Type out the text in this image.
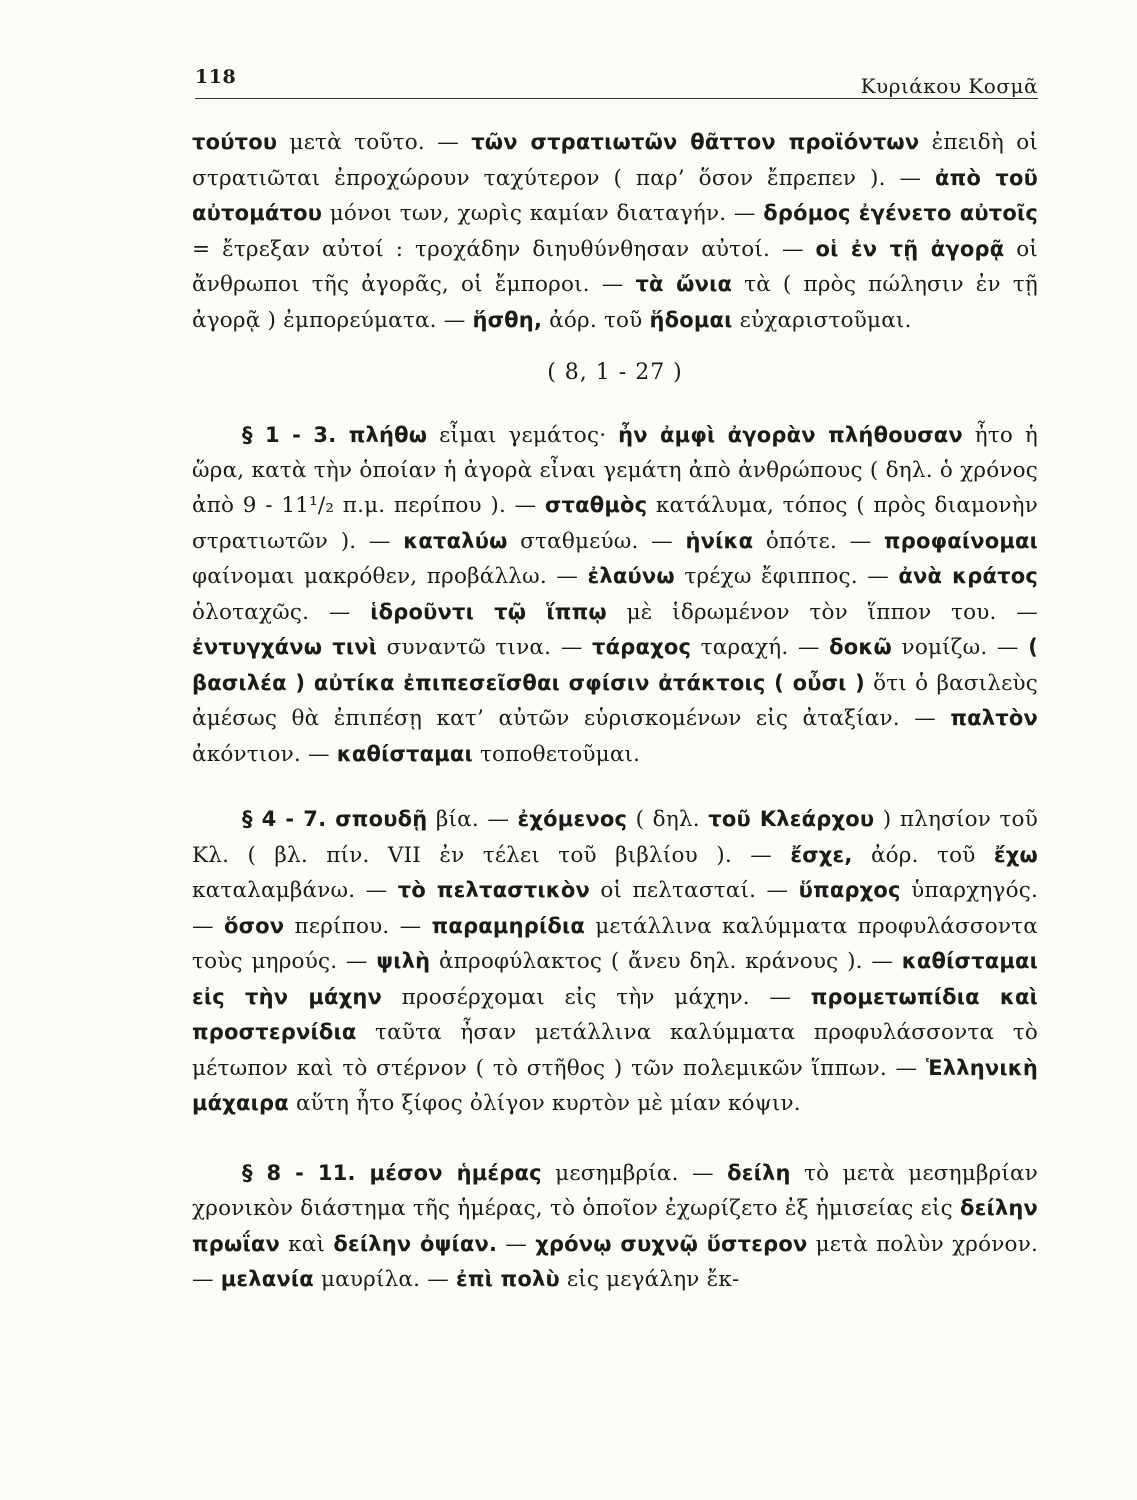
118	Κυριάκου Κοσμᾶ

τούτου μετὰ τοῦτο. — τῶν στρατιωτῶν θᾶττον προϊόντων ἐπειδὴ οἱ στρατιῶται ἐπροχώρουν ταχύτερον ( παρ’ ὅσον ἔπρεπεν ). — ἀπὸ τοῦ αὐτομάτου μόνοι των, χωρὶς καμίαν διαταγήν. — δρόμος ἐγένετο αὐτοῖς = ἔτρεξαν αὐτοί : τροχάδην διηυθύνθησαν αὐτοί. — οἱ ἐν τῇ ἀγορᾷ οἱ ἄνθρωποι τῆς ἀγορᾶς, οἱ ἔμποροι. — τὰ ὤνια τὰ ( πρὸς πώλησιν ἐν τῇ ἀγορᾷ ) ἐμπορεύματα. — ἥσθη, ἀόρ. τοῦ ἥδομαι εὐχαριστοῦμαι.

( 8, 1 - 27 )

§ 1 - 3. πλήθω εἶμαι γεμάτος· ἦν ἀμφὶ ἀγορὰν πλήθουσαν ἦτο ἡ ὥρα, κατὰ τὴν ὁποίαν ἡ ἀγορὰ εἶναι γεμάτη ἀπὸ ἀνθρώπους ( δηλ. ὁ χρόνος ἀπὸ 9 - 11¹/₂ π.μ. περίπου ). — σταθμὸς κατάλυμα, τόπος ( πρὸς διαμονὴν στρατιωτῶν ). — καταλύω σταθμεύω. — ἡνίκα ὁπότε. — προφαίνομαι φαίνομαι μακρόθεν, προβάλλω. — ἐλαύνω τρέχω ἔφιππος. — ἀνὰ κράτος ὁλοταχῶς. — ἱδροῦντι τῷ ἵππῳ μὲ ἱδρωμένον τὸν ἵππον του. — ἐντυγχάνω τινὶ συναντῶ τινα. — τάραχος ταραχή. — δοκῶ νομίζω. — ( βασιλέα ) αὐτίκα ἐπιπεσεῖσθαι σφίσιν ἀτάκτοις ( οὖσι ) ὅτι ὁ βασιλεὺς ἀμέσως θὰ ἐπιπέσῃ κατ’ αὐτῶν εὑρισκομένων εἰς ἀταξίαν. — παλτὸν ἀκόντιον. — καθίσταμαι τοποθετοῦμαι.

§ 4 - 7. σπουδῇ βία. — ἐχόμενος ( δηλ. τοῦ Κλεάρχου ) πλησίον τοῦ Κλ. ( βλ. πίν. VII ἐν τέλει τοῦ βιβλίου ). — ἔσχε, ἀόρ. τοῦ ἔχω καταλαμβάνω. — τὸ πελταστικὸν οἱ πελτασταί. — ὕπαρχος ὑπαρχηγός. — ὅσον περίπου. — παραμηρίδια μετάλλινα καλύμματα προφυλάσσοντα τοὺς μηρούς. — ψιλὴ ἀπροφύλακτος ( ἄνευ δηλ. κράνους ). — καθίσταμαι εἰς τὴν μάχην προσέρχομαι εἰς τὴν μάχην. — προμετωπίδια καὶ προστερνίδια ταῦτα ἦσαν μετάλλινα καλύμματα προφυλάσσοντα τὸ μέτωπον καὶ τὸ στέρνον ( τὸ στῆθος ) τῶν πολεμικῶν ἵππων. — Ἑλληνικὴ μάχαιρα αὕτη ἦτο ξίφος ὀλίγον κυρτὸν μὲ μίαν κόψιν.

§ 8 - 11. μέσον ἡμέρας μεσημβρία. — δείλη τὸ μετὰ μεσημβρίαν χρονικὸν διάστημα τῆς ἡμέρας, τὸ ὁποῖον ἐχωρίζετο ἐξ ἡμισείας εἰς δείλην πρωΐαν καὶ δείλην ὀψίαν. — χρόνῳ συχνῷ ὕστερον μετὰ πολὺν χρόνον. — μελανία μαυρίλα. — ἐπὶ πολὺ εἰς μεγάλην ἔκ-
